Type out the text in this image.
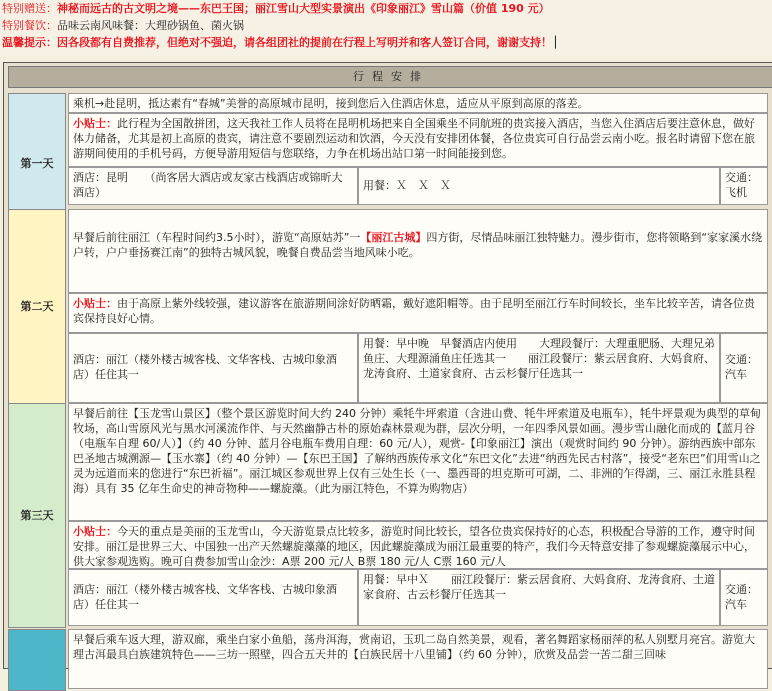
特别赠送：神秘而远古的古文明之境——东巴王国；丽江雪山大型实景演出《印象丽江》雪山篇（价值 190 元）
特别餐饮：品味云南风味餐：大理砂锅鱼、菌火锅
温馨提示：因各段都有自费推荐，但绝对不强迫，请各组团社的提前在行程上写明并和客人签订合同，谢谢支持！│
行程安排
第一天
乘机→赴昆明，抵达素有“春城”美誉的高原城市昆明，接到您后入住酒店休息，适应从平原到高原的落差。
小贴士：此行程为全国散拼团，这天我社工作人员将在昆明机场把来自全国乘坐不同航班的贵宾接入酒店，当您入住酒店后要注意休息，做好体力储备，尤其是初上高原的贵宾，请注意不要剧烈运动和饮酒，今天没有安排团体餐，各位贵宾可自行品尝云南小吃。报名时请留下您在旅游期间使用的手机号码，方便导游用短信与您联络，力争在机场出站口第一时间能接到您。
酒店：昆明　　（尚客居大酒店或友家古栈酒店或锦昕大酒店）
用餐：Ｘ　Ｘ　Ｘ
交通：飞机
第二天
早餐后前往丽江（车程时间约3.5小时），游览“高原姑苏”一【丽江古城】四方街，尽情品味丽江独特魅力。漫步街市，您将领略到“家家溪水绕户转，户户垂扬赛江南”的独特古城风貌，晚餐自费品尝当地风味小吃。
小贴士：由于高原上紫外线较强，建议游客在旅游期间涂好防晒霜，戴好遮阳帽等。由于昆明至丽江行车时间较长，坐车比较辛苦，请各位贵宾保持良好心情。
酒店：丽江（楼外楼古城客栈、文华客栈、古城印象酒店）任住其一
用餐：早中晚　早餐酒店内使用　　大理段餐厅：大理重肥肠、大理兄弟鱼庄、大理源涌鱼庄任选其一　　丽江段餐厅：紫云居食府、大妈食府、龙涛食府、土道家食府、古云杉餐厅任选其一
交通：汽车
第三天
早餐后前往【玉龙雪山景区】（整个景区游览时间大约 240 分钟）乘牦牛坪索道（含进山费、牦牛坪索道及电瓶车），牦牛坪景观为典型的草甸牧场，高山雪原风光与黑水河溪流作伴、与天然幽静古朴的原始森林景观为群，层次分明，一年四季风景如画。漫步雪山融化而成的【蓝月谷（电瓶车自理 60/人）】（约 40 分钟、蓝月谷电瓶车费用自理：60 元/人），观赏-【印象丽江】演出（观赏时间约 90 分钟）。游纳西族中部东巴圣地古城溯源—【玉水寨】（约 40 分钟）—【东巴王国】了解纳西族传承文化“东巴文化”去进“纳西先民古村落”，接受“老东巴”们用雪山之灵为远道而来的您进行“东巴祈福”。丽江城区参观世界上仅有三处生长（一、墨西哥的坦克斯可可湖，二、非洲的乍得湖，三、丽江永胜县程海）具有 35 亿年生命史的神奇物种——螺旋藻。（此为丽江特色，不算为购物店）
小贴士：今天的重点是美丽的玉龙雪山，今天游览景点比较多，游览时间比较长，望各位贵宾保持好的心态，积极配合导游的工作，遵守时间安排。丽江是世界三大、中国独一出产天然螺旋藻藻的地区，因此螺旋藻成为丽江最重要的特产，我们今天特意安排了参观螺旋藻展示中心，供大家参观选购。晚可自费参加雪山金沙：A票 200 元/人 B票 180 元/人 C票 160 元/人
酒店：丽江（楼外楼古城客栈、文华客栈、古城印象酒店）任住其一
用餐：早中Ｘ　　丽江段餐厅：紫云居食府、大妈食府、龙涛食府、土道家食府、古云杉餐厅任选其一	交通：汽车
早餐后乘车返大理，游双廊，乘坐白家小鱼船，荡舟洱海，赏南诏，玉玑二岛自然美景，观看，著名舞蹈家杨丽萍的私人别墅月亮宫。游览大理古洱最具白族建筑特色——三坊一照壁，四合五天井的【白族民居十八里铺】（约 60 分钟），欣赏及品尝一苦二甜三回味
